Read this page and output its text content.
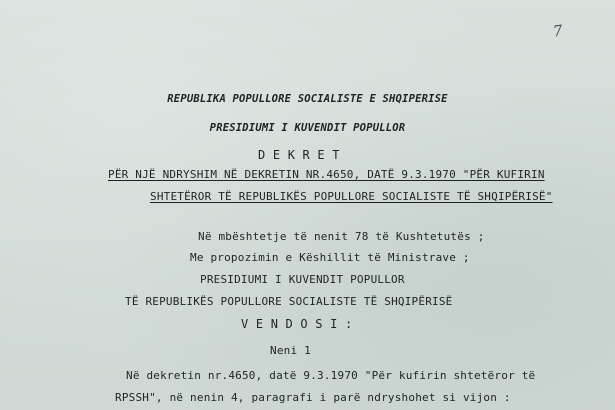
7
REPUBLIKA POPULLORE SOCIALISTE E SHQIPERISE
PRESIDIUMI I KUVENDIT POPULLOR
D E K R E T
PËR NJË NDRYSHIM NË DEKRETIN NR.4650, DATË 9.3.1970 "PËR KUFIRIN
SHTETËROR TË REPUBLIKËS POPULLORE SOCIALISTE TË SHQIPËRISË"
Në mbështetje të nenit 78 të Kushtetutës ;
Me propozimin e Këshillit të Ministrave ;
PRESIDIUMI I KUVENDIT POPULLOR
TË REPUBLIKËS POPULLORE SOCIALISTE TË SHQIPËRISË
V E N D O S I :
Neni 1
Në dekretin nr.4650, datë 9.3.1970 "Për kufirin shtetëror të
RPSSH", në nenin 4, paragrafi i parë ndryshohet si vijon :
